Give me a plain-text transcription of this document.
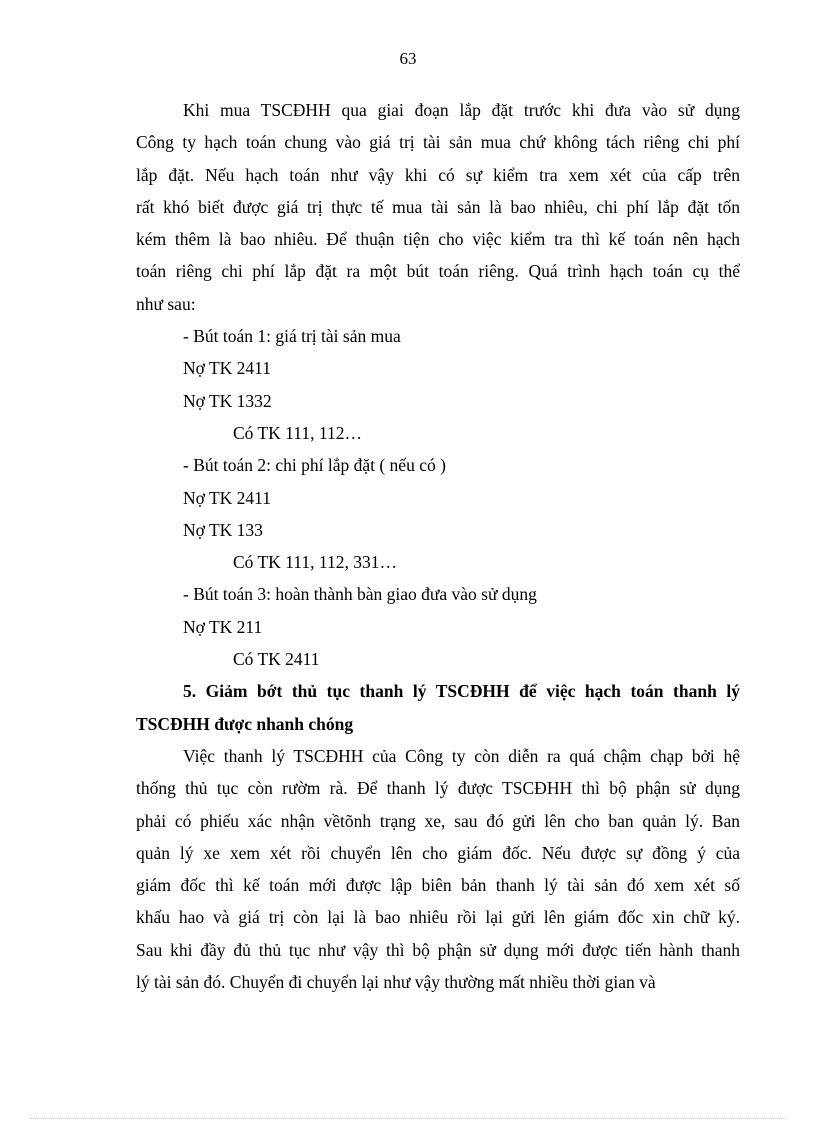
63
Khi mua TSCĐHH qua giai đoạn lắp đặt trước khi đưa vào sử dụng
Công ty hạch toán chung vào giá trị tài sản mua chứ không tách riêng chi phí
lắp đặt. Nếu hạch toán như vậy khi có sự kiểm tra xem xét của cấp trên
rất khó biết được giá trị thực tế mua tài sản là bao nhiêu, chi phí lắp đặt tốn
kém thêm là bao nhiêu. Để thuận tiện cho việc kiểm tra thì kế toán nên hạch
toán riêng chi phí lắp đặt ra một bút toán riêng. Quá trình hạch toán cụ thể
như sau:
- Bút toán 1: giá trị tài sản mua
Nợ TK 2411
Nợ TK 1332
Có TK 111, 112…
- Bút toán 2: chi phí lắp đặt ( nếu có )
Nợ TK 2411
Nợ TK 133
Có TK 111, 112, 331…
- Bút toán 3: hoàn thành bàn giao đưa vào sử dụng
Nợ TK 211
Có TK 2411
5. Giảm bớt thủ tục thanh lý TSCĐHH để việc hạch toán thanh lý
TSCĐHH được nhanh chóng
Việc thanh lý TSCĐHH của Công ty còn diễn ra quá chậm chạp bởi hệ
thống thủ tục còn rườm rà. Để thanh lý được TSCĐHH thì bộ phận sử dụng
phải có phiếu xác nhận vềtõnh trạng xe, sau đó gửi lên cho ban quản lý. Ban
quản lý xe xem xét rồi chuyển lên cho giám đốc. Nếu được sự đồng ý của
giám đốc thì kế toán mới được lập biên bản thanh lý tài sản đó xem xét số
khấu hao và giá trị còn lại là bao nhiêu rồi lại gửi lên giám đốc xin chữ ký.
Sau khi đầy đủ thủ tục như vậy thì bộ phận sử dụng mới được tiến hành thanh
lý tài sản đó. Chuyển đi chuyển lại như vậy thường mất nhiều thời gian và
